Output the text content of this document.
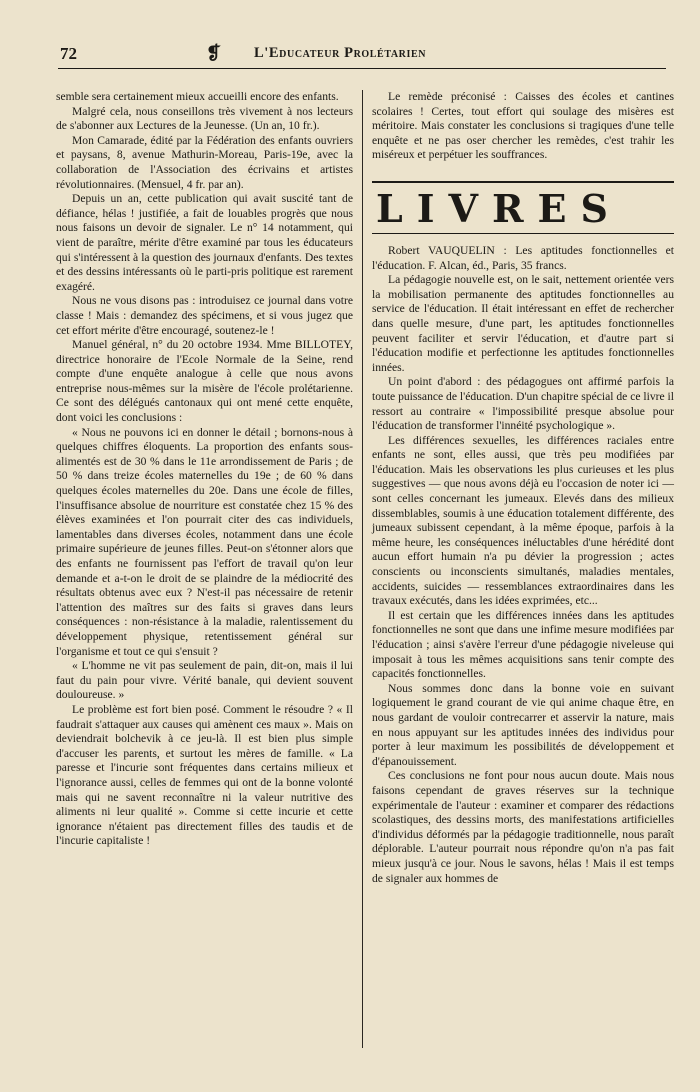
72	❡ L'Educateur Prolétarien

semble sera certainement mieux accueilli encore des enfants.

Malgré cela, nous conseillons très vivement à nos lecteurs de s'abonner aux Lectures de la Jeunesse. (Un an, 10 fr.).

Mon Camarade, édité par la Fédération des enfants ouvriers et paysans, 8, avenue Mathurin-Moreau, Paris-19e, avec la collaboration de l'Association des écrivains et artistes révolutionnaires. (Mensuel, 4 fr. par an).

Depuis un an, cette publication qui avait suscité tant de défiance, hélas ! justifiée, a fait de louables progrès que nous nous faisons un devoir de signaler. Le n° 14 notamment, qui vient de paraître, mérite d'être examiné par tous les éducateurs qui s'intéressent à la question des journaux d'enfants. Des textes et des dessins intéressants où le parti-pris politique est rarement exagéré.

Nous ne vous disons pas : introduisez ce journal dans votre classe ! Mais : demandez des spécimens, et si vous jugez que cet effort mérite d'être encouragé, soutenez-le !

Manuel général, n° du 20 octobre 1934. Mme BILLOTEY, directrice honoraire de l'Ecole Normale de la Seine, rend compte d'une enquête analogue à celle que nous avons entreprise nous-mêmes sur la misère de l'école prolétarienne. Ce sont des délégués cantonaux qui ont mené cette enquête, dont voici les conclusions :

« Nous ne pouvons ici en donner le détail ; bornons-nous à quelques chiffres éloquents. La proportion des enfants sous-alimentés est de 30 % dans le 11e arrondissement de Paris ; de 50 % dans treize écoles maternelles du 19e ; de 60 % dans quelques écoles maternelles du 20e. Dans une école de filles, l'insuffisance absolue de nourriture est constatée chez 15 % des élèves examinées et l'on pourrait citer des cas individuels, lamentables dans diverses écoles, notamment dans une école primaire supérieure de jeunes filles. Peut-on s'étonner alors que des enfants ne fournissent pas l'effort de travail qu'on leur demande et a-t-on le droit de se plaindre de la médiocrité des résultats obtenus avec eux ? N'est-il pas nécessaire de retenir l'attention des maîtres sur des faits si graves dans leurs conséquences : non-résistance à la maladie, ralentissement du développement physique, retentissement général sur l'organisme et tout ce qui s'ensuit ?

« L'homme ne vit pas seulement de pain, dit-on, mais il lui faut du pain pour vivre. Vérité banale, qui devient souvent douloureuse. »

Le problème est fort bien posé. Comment le résoudre ? « Il faudrait s'attaquer aux causes qui amènent ces maux ». Mais on deviendrait bolchevik à ce jeu-là. Il est bien plus simple d'accuser les parents, et surtout les mères de famille. « La paresse et l'incurie sont fréquentes dans certains milieux et l'ignorance aussi, celles de femmes qui ont de la bonne volonté mais qui ne savent reconnaître ni la valeur nutritive des aliments ni leur qualité ». Comme si cette incurie et cette ignorance n'étaient pas directement filles des taudis et de l'incurie capitaliste !

Le remède préconisé : Caisses des écoles et cantines scolaires ! Certes, tout effort qui soulage des misères est méritoire. Mais constater les conclusions si tragiques d'une telle enquête et ne pas oser chercher les remèdes, c'est trahir les miséreux et perpétuer les souffrances.

LIVRES

Robert VAUQUELIN : Les aptitudes fonctionnelles et l'éducation. F. Alcan, éd., Paris, 35 francs.

La pédagogie nouvelle est, on le sait, nettement orientée vers la mobilisation permanente des aptitudes fonctionnelles au service de l'éducation. Il était intéressant en effet de rechercher dans quelle mesure, d'une part, les aptitudes fonctionnelles peuvent faciliter et servir l'éducation, et d'autre part si l'éducation modifie et perfectionne les aptitudes fonctionnelles innées.

Un point d'abord : des pédagogues ont affirmé parfois la toute puissance de l'éducation. D'un chapitre spécial de ce livre il ressort au contraire « l'impossibilité presque absolue pour l'éducation de transformer l'innéité psychologique ».

Les différences sexuelles, les différences raciales entre enfants ne sont, elles aussi, que très peu modifiées par l'éducation. Mais les observations les plus curieuses et les plus suggestives — que nous avons déjà eu l'occasion de noter ici — sont celles concernant les jumeaux. Elevés dans des milieux dissemblables, soumis à une éducation totalement différente, des jumeaux subissent cependant, à la même époque, parfois à la même heure, les conséquences inéluctables d'une hérédité dont aucun effort humain n'a pu dévier la progression ; actes conscients ou inconscients simultanés, maladies mentales, accidents, suicides — ressemblances extraordinaires dans les travaux exécutés, dans les idées exprimées, etc...

Il est certain que les différences innées dans les aptitudes fonctionnelles ne sont que dans une infime mesure modifiées par l'éducation ; ainsi s'avère l'erreur d'une pédagogie niveleuse qui imposait à tous les mêmes acquisitions sans tenir compte des capacités fonctionnelles.

Nous sommes donc dans la bonne voie en suivant logiquement le grand courant de vie qui anime chaque être, en nous gardant de vouloir contrecarrer et asservir la nature, mais en nous appuyant sur les aptitudes innées des individus pour porter à leur maximum les possibilités de développement et d'épanouissement.

Ces conclusions ne font pour nous aucun doute. Mais nous faisons cependant de graves réserves sur la technique expérimentale de l'auteur : examiner et comparer des rédactions scolastiques, des dessins morts, des manifestations artificielles d'individus déformés par la pédagogie traditionnelle, nous paraît déplorable. L'auteur pourrait nous répondre qu'on n'a pas fait mieux jusqu'à ce jour. Nous le savons, hélas ! Mais il est temps de signaler aux hommes de
